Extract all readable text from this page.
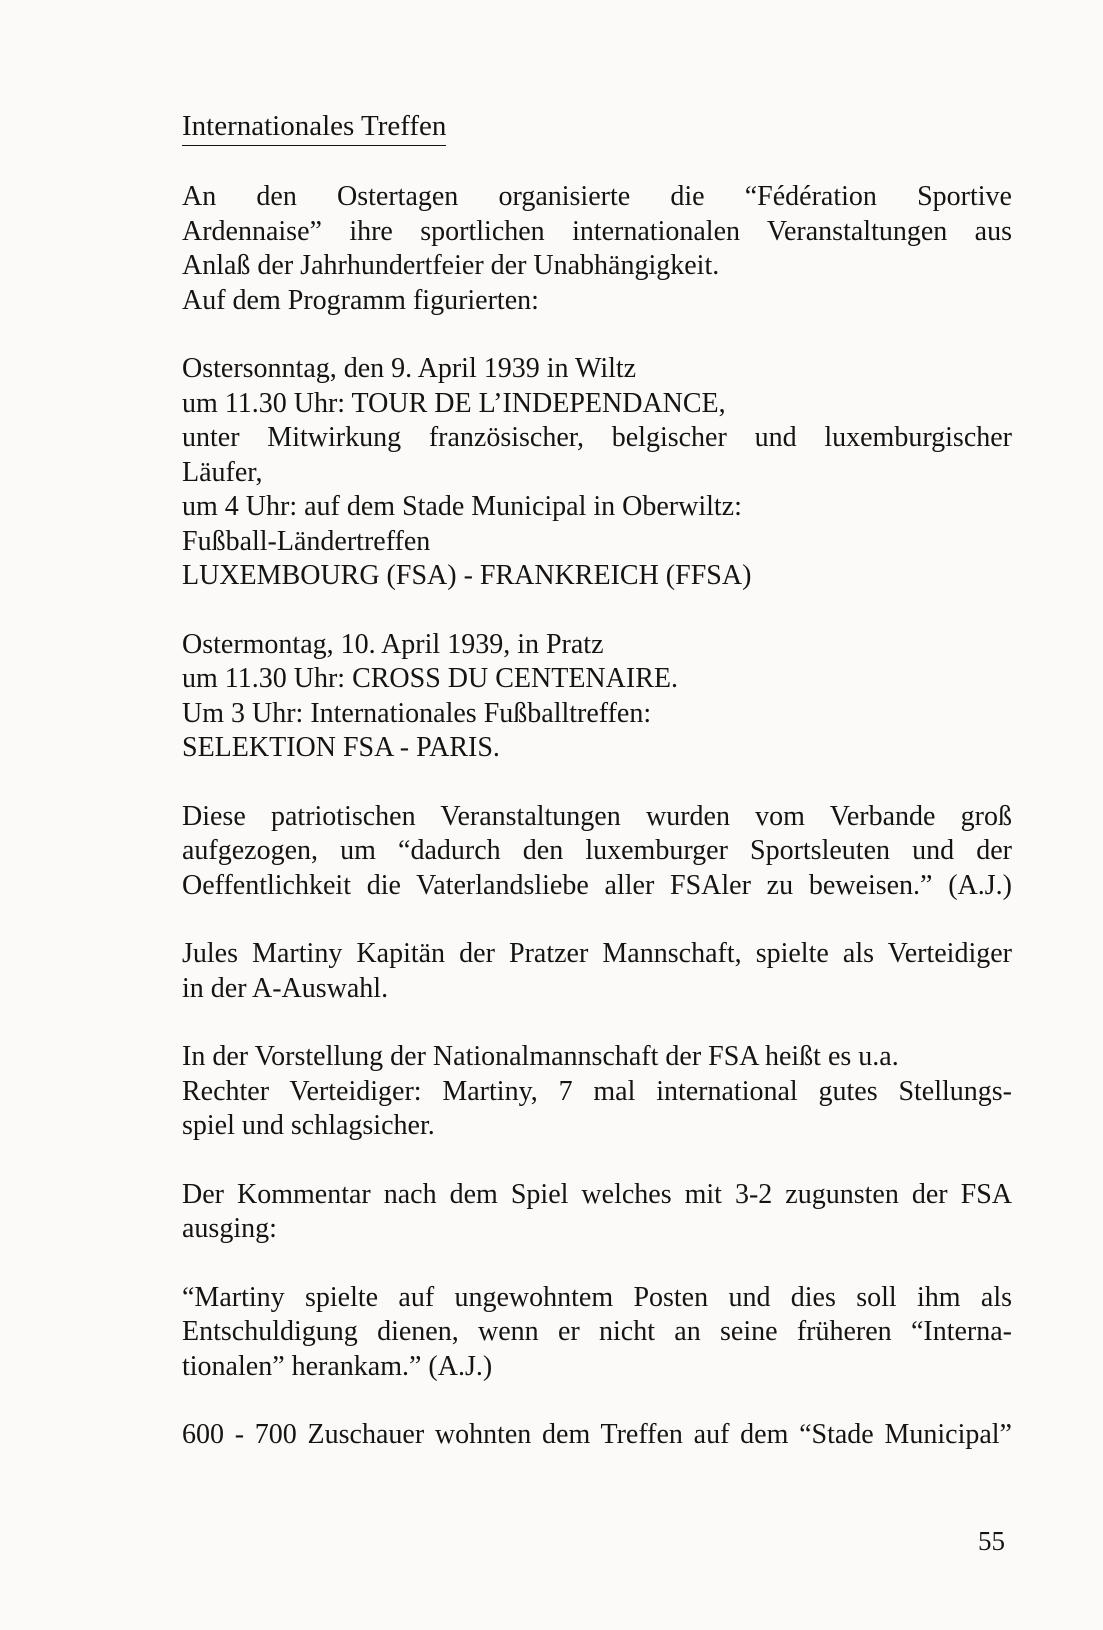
Internationales Treffen
An den Ostertagen organisierte die “Fédération Sportive
Ardennaise” ihre sportlichen internationalen Veranstaltungen aus
Anlaß der Jahrhundertfeier der Unabhängigkeit.
Auf dem Programm figurierten:
Ostersonntag, den 9. April 1939 in Wiltz
um 11.30 Uhr: TOUR DE L’INDEPENDANCE,
unter Mitwirkung französischer, belgischer und luxemburgischer
Läufer,
um 4 Uhr: auf dem Stade Municipal in Oberwiltz:
Fußball-Ländertreffen
LUXEMBOURG (FSA) - FRANKREICH (FFSA)
Ostermontag, 10. April 1939, in Pratz
um 11.30 Uhr: CROSS DU CENTENAIRE.
Um 3 Uhr: Internationales Fußballtreffen:
SELEKTION FSA - PARIS.
Diese patriotischen Veranstaltungen wurden vom Verbande groß
aufgezogen, um “dadurch den luxemburger Sportsleuten und der
Oeffentlichkeit die Vaterlandsliebe aller FSAler zu beweisen.” (A.J.)
Jules Martiny Kapitän der Pratzer Mannschaft, spielte als Verteidiger
in der A-Auswahl.
In der Vorstellung der Nationalmannschaft der FSA heißt es u.a.
Rechter Verteidiger: Martiny, 7 mal international gutes Stellungs-
spiel und schlagsicher.
Der Kommentar nach dem Spiel welches mit 3-2 zugunsten der FSA
ausging:
“Martiny spielte auf ungewohntem Posten und dies soll ihm als
Entschuldigung dienen, wenn er nicht an seine früheren “Interna-
tionalen” herankam.” (A.J.)
600 - 700 Zuschauer wohnten dem Treffen auf dem “Stade Municipal”
55
